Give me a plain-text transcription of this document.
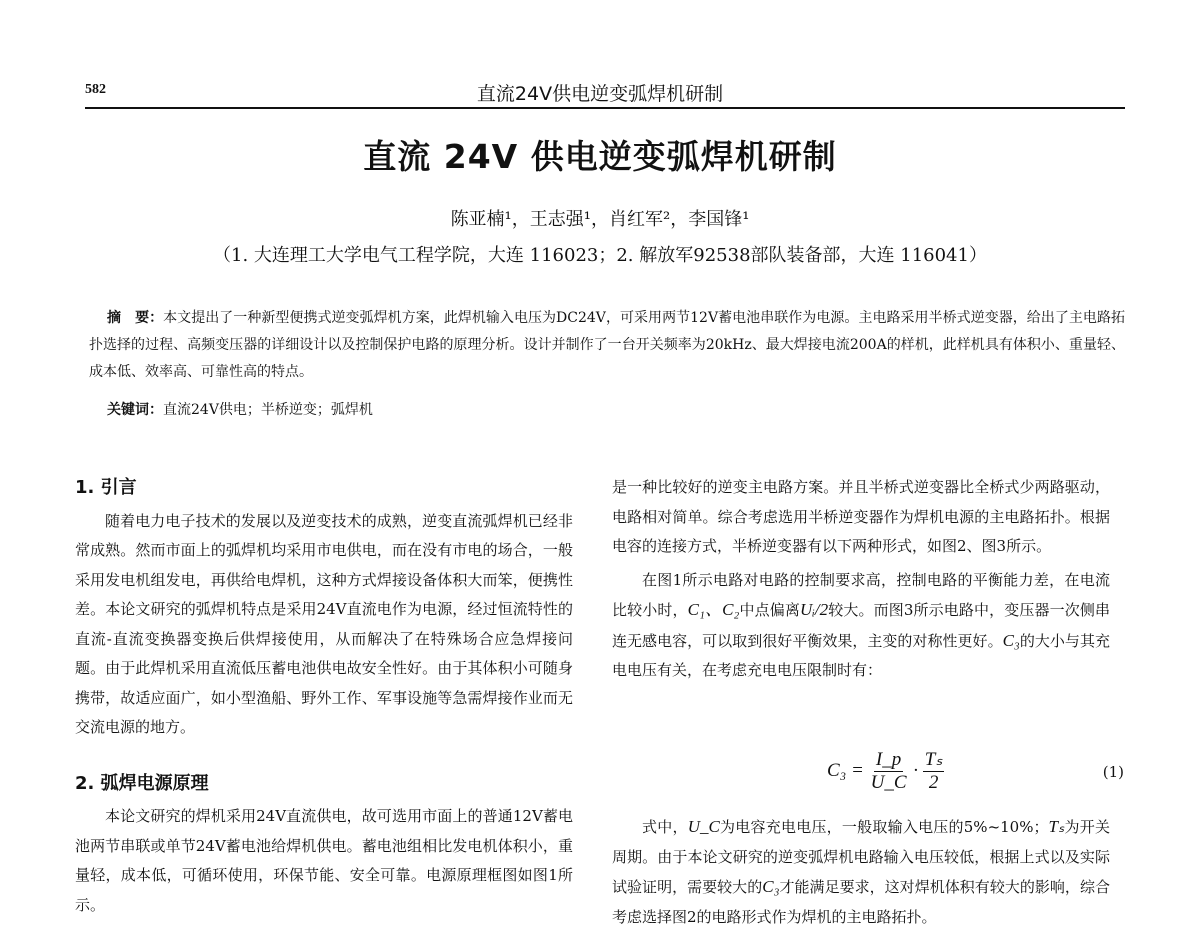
582	直流24V供电逆变弧焊机研制
直流 24V 供电逆变弧焊机研制
陈亚楠¹，王志强¹，肖红军²，李国锋¹
（1. 大连理工大学电气工程学院，大连 116023；2. 解放军92538部队装备部，大连 116041）
摘　要：本文提出了一种新型便携式逆变弧焊机方案，此焊机输入电压为DC24V，可采用两节12V蓄电池串联作为电源。主电路采用半桥式逆变器，给出了主电路拓扑选择的过程、高频变压器的详细设计以及控制保护电路的原理分析。设计并制作了一台开关频率为20kHz、最大焊接电流200A的样机，此样机具有体积小、重量轻、成本低、效率高、可靠性高的特点。
关键词：直流24V供电；半桥逆变；弧焊机
1. 引言
随着电力电子技术的发展以及逆变技术的成熟，逆变直流弧焊机已经非常成熟。然而市面上的弧焊机均采用市电供电，而在没有市电的场合，一般采用发电机组发电，再供给电焊机，这种方式焊接设备体积大而笨，便携性差。本论文研究的弧焊机特点是采用24V直流电作为电源，经过恒流特性的直流-直流变换器变换后供焊接使用，从而解决了在特殊场合应急焊接问题。由于此焊机采用直流低压蓄电池供电故安全性好。由于其体积小可随身携带，故适应面广，如小型渔船、野外工作、军事设施等急需焊接作业而无交流电源的地方。
2. 弧焊电源原理
本论文研究的焊机采用24V直流供电，故可选用市面上的普通12V蓄电池两节串联或单节24V蓄电池给焊机供电。蓄电池组相比发电机体积小，重量轻，成本低，可循环使用，环保节能、安全可靠。电源原理框图如图1所示。
是一种比较好的逆变主电路方案。并且半桥式逆变器比全桥式少两路驱动，电路相对简单。综合考虑选用半桥逆变器作为焊机电源的主电路拓扑。根据电容的连接方式，半桥逆变器有以下两种形式，如图2、图3所示。
在图1所示电路对电路的控制要求高，控制电路的平衡能力差，在电流比较小时，C₁、C₂中点偏离Uᵢ/2较大。而图3所示电路中，变压器一次侧串连无感电容，可以取到很好平衡效果，主变的对称性更好。C₃的大小与其充电电压有关，在考虑充电电压限制时有：
$C_3 = \frac{I\_p}{U\_C} \cdot \frac{\text{Tₛ}}{2}$	(1)
式中，U_C为电容充电电压，一般取输入电压的5%~10%；Tₛ为开关周期。由于本论文研究的逆变弧焊机电路输入电压较低，根据上式以及实际试验证明，需要较大的C₃才能满足要求，这对焊机体积有较大的影响，综合考虑选择图2的电路形式作为焊机的主电路拓扑。
